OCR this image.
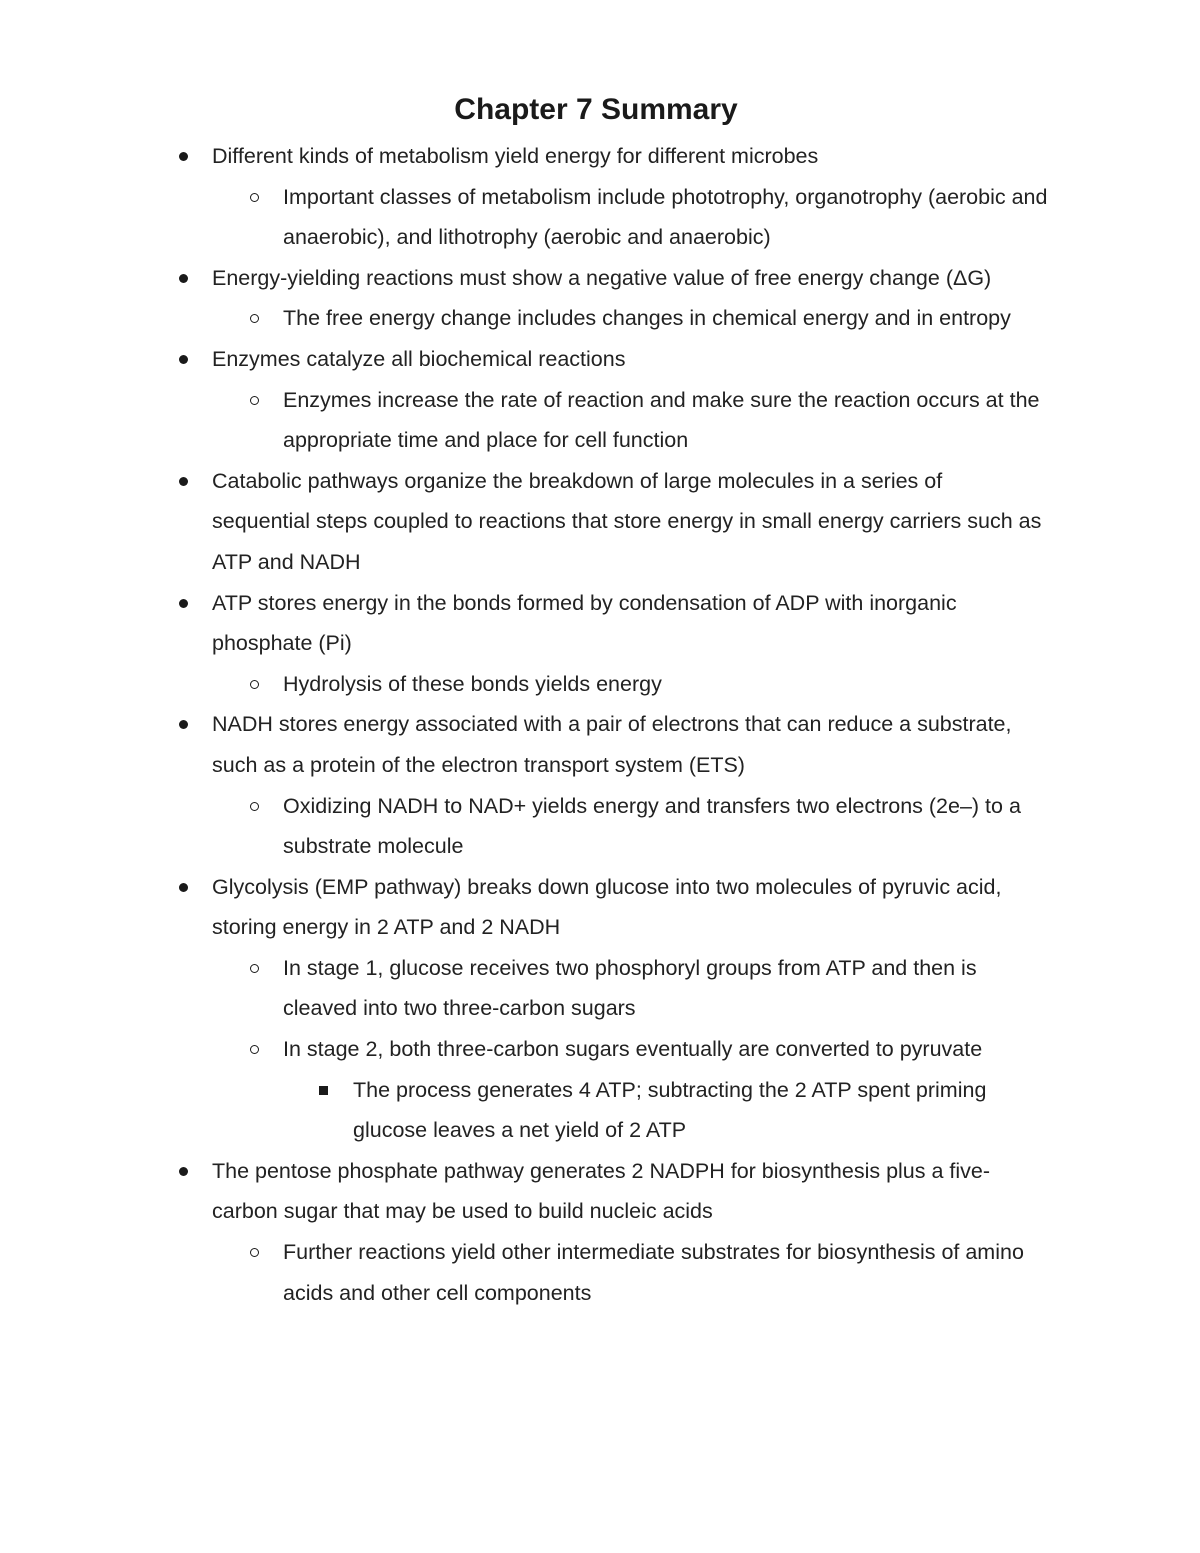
Chapter 7 Summary
Different kinds of metabolism yield energy for different microbes
Important classes of metabolism include phototrophy, organotrophy (aerobic and anaerobic), and lithotrophy (aerobic and anaerobic)
Energy-yielding reactions must show a negative value of free energy change (ΔG)
The free energy change includes changes in chemical energy and in entropy
Enzymes catalyze all biochemical reactions
Enzymes increase the rate of reaction and make sure the reaction occurs at the appropriate time and place for cell function
Catabolic pathways organize the breakdown of large molecules in a series of sequential steps coupled to reactions that store energy in small energy carriers such as ATP and NADH
ATP stores energy in the bonds formed by condensation of ADP with inorganic phosphate (Pi)
Hydrolysis of these bonds yields energy
NADH stores energy associated with a pair of electrons that can reduce a substrate, such as a protein of the electron transport system (ETS)
Oxidizing NADH to NAD+ yields energy and transfers two electrons (2e–) to a substrate molecule
Glycolysis (EMP pathway) breaks down glucose into two molecules of pyruvic acid, storing energy in 2 ATP and 2 NADH
In stage 1, glucose receives two phosphoryl groups from ATP and then is cleaved into two three-carbon sugars
In stage 2, both three-carbon sugars eventually are converted to pyruvate
The process generates 4 ATP; subtracting the 2 ATP spent priming glucose leaves a net yield of 2 ATP
The pentose phosphate pathway generates 2 NADPH for biosynthesis plus a five-carbon sugar that may be used to build nucleic acids
Further reactions yield other intermediate substrates for biosynthesis of amino acids and other cell components
